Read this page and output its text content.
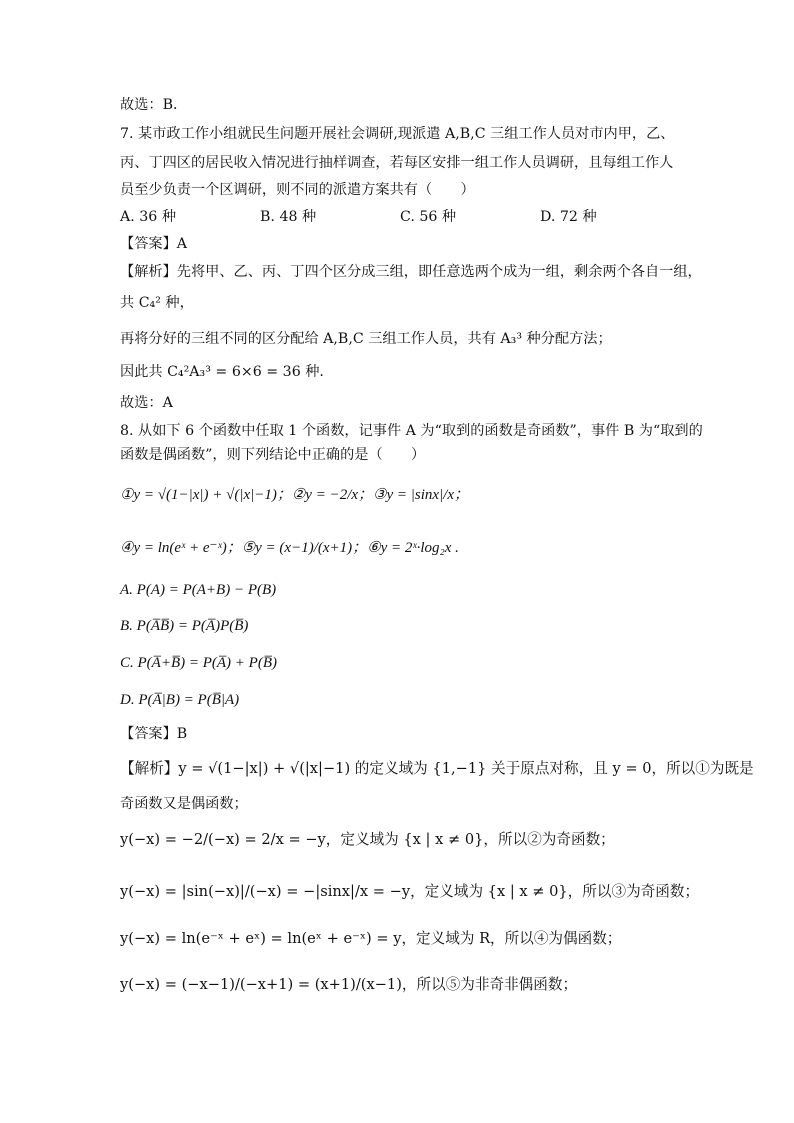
故选：B．
7. 某市政工作小组就民生问题开展社会调研,现派遣 A,B,C 三组工作人员对市内甲，乙、
丙、丁四区的居民收入情况进行抽样调查，若每区安排一组工作人员调研，且每组工作人
员至少负责一个区调研，则不同的派遣方案共有（　　）
A. 36 种	B. 48 种	C. 56 种	D. 72 种
【答案】A
【解析】先将甲、乙、丙、丁四个区分成三组，即任意选两个成为一组，剩余两个各自一组，
共 C₄² 种，
再将分好的三组不同的区分配给 A,B,C 三组工作人员，共有 A₃³ 种分配方法；
因此共 C₄²A₃³ = 6×6 = 36 种.
故选：A
8. 从如下 6 个函数中任取 1 个函数，记事件 A 为“取到的函数是奇函数”，事件 B 为“取到的
函数是偶函数”，则下列结论中正确的是（　　）
①y = √(1−|x|) + √(|x|−1)；②y = −2/x；③y = |sinx|/x；
④y = ln(eˣ + e⁻ˣ)；⑤y = (x−1)/(x+1)；⑥y = 2ˣ·log₂x .
A. P(A) = P(A+B) − P(B)
B. P(A̅B̅) = P(A̅)P(B̅)
C. P(A̅+B̅) = P(A̅) + P(B̅)
D. P(A̅|B) = P(B̅|A)
【答案】B
【解析】y = √(1−|x|) + √(|x|−1) 的定义域为 {1,−1} 关于原点对称，且 y = 0，所以①为既是
奇函数又是偶函数；
y(−x) = −2/(−x) = 2/x = −y，定义域为 {x | x ≠ 0}，所以②为奇函数；
y(−x) = |sin(−x)|/(−x) = −|sinx|/x = −y，定义域为 {x | x ≠ 0}，所以③为奇函数；
y(−x) = ln(e⁻ˣ + eˣ) = ln(eˣ + e⁻ˣ) = y，定义域为 R，所以④为偶函数；
y(−x) = (−x−1)/(−x+1) = (x+1)/(x−1)，所以⑤为非奇非偶函数；
